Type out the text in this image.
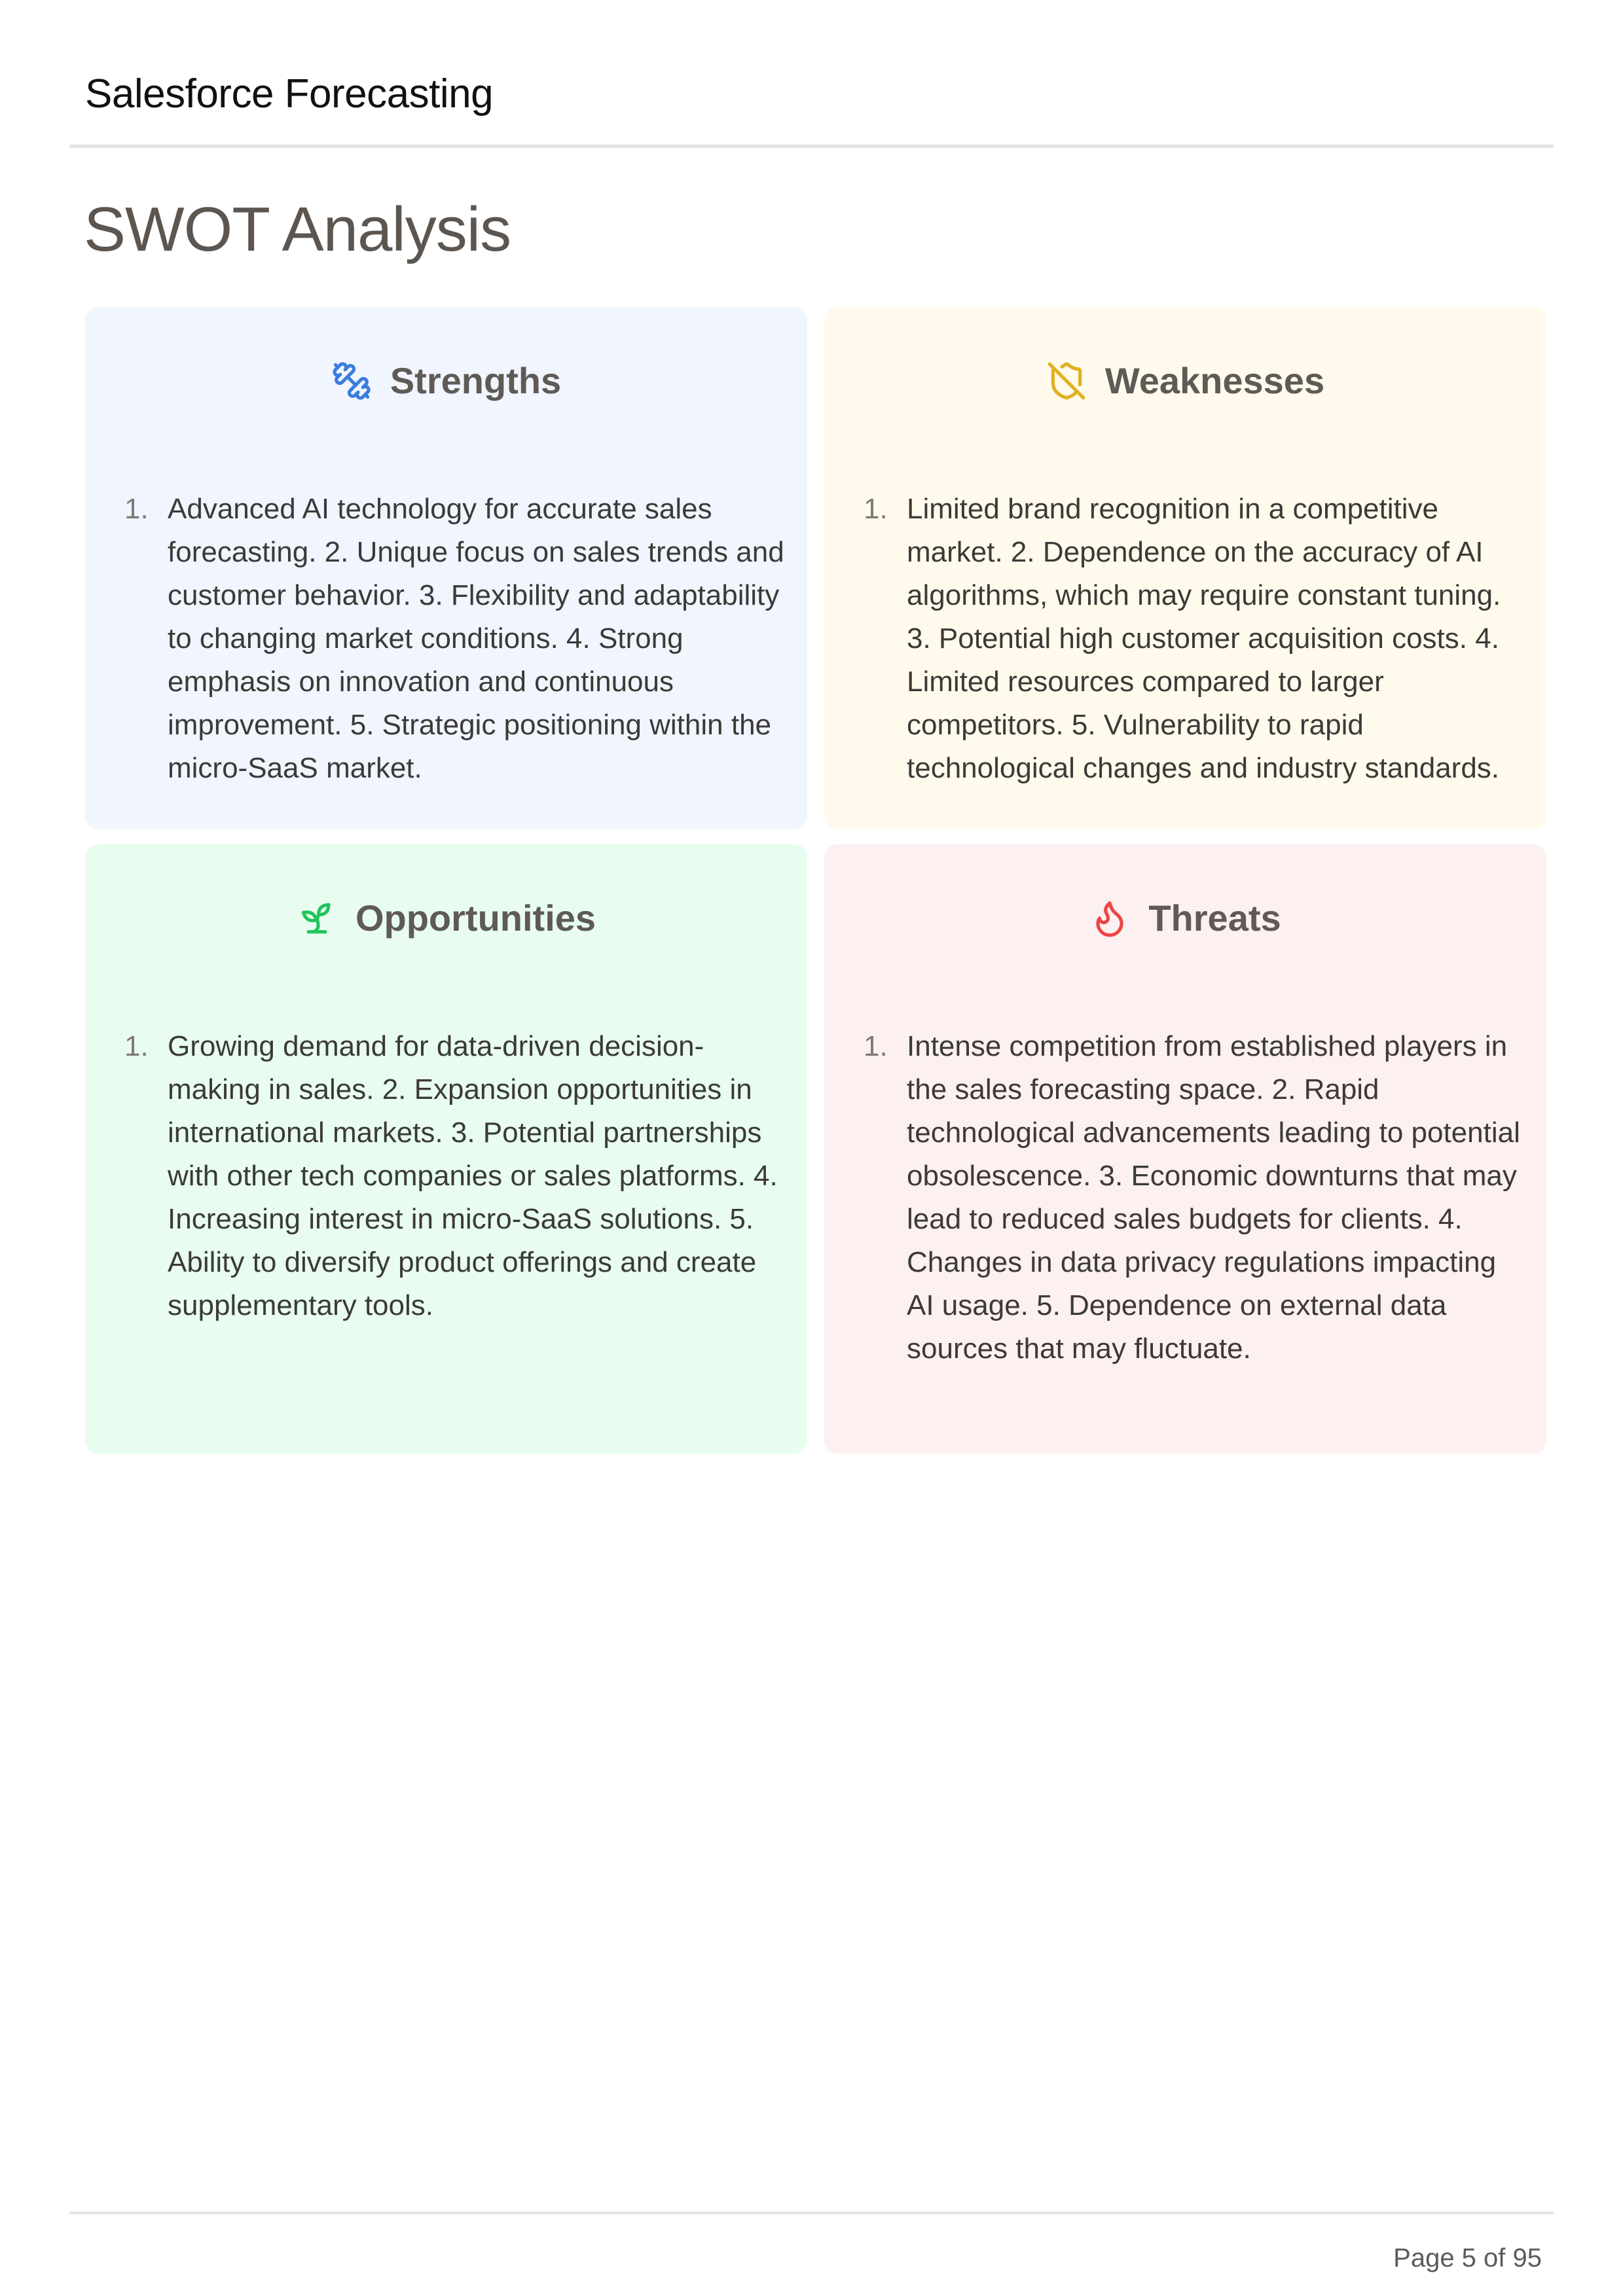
Salesforce Forecasting
SWOT Analysis
Strengths
1. Advanced AI technology for accurate sales forecasting. 2. Unique focus on sales trends and customer behavior. 3. Flexibility and adaptability to changing market conditions. 4. Strong emphasis on innovation and continuous improvement. 5. Strategic positioning within the micro-SaaS market.
Weaknesses
1. Limited brand recognition in a competitive market. 2. Dependence on the accuracy of AI algorithms, which may require constant tuning. 3. Potential high customer acquisition costs. 4. Limited resources compared to larger competitors. 5. Vulnerability to rapid technological changes and industry standards.
Opportunities
1. Growing demand for data-driven decision-making in sales. 2. Expansion opportunities in international markets. 3. Potential partnerships with other tech companies or sales platforms. 4. Increasing interest in micro-SaaS solutions. 5. Ability to diversify product offerings and create supplementary tools.
Threats
1. Intense competition from established players in the sales forecasting space. 2. Rapid technological advancements leading to potential obsolescence. 3. Economic downturns that may lead to reduced sales budgets for clients. 4. Changes in data privacy regulations impacting AI usage. 5. Dependence on external data sources that may fluctuate.
Page 5 of 95
